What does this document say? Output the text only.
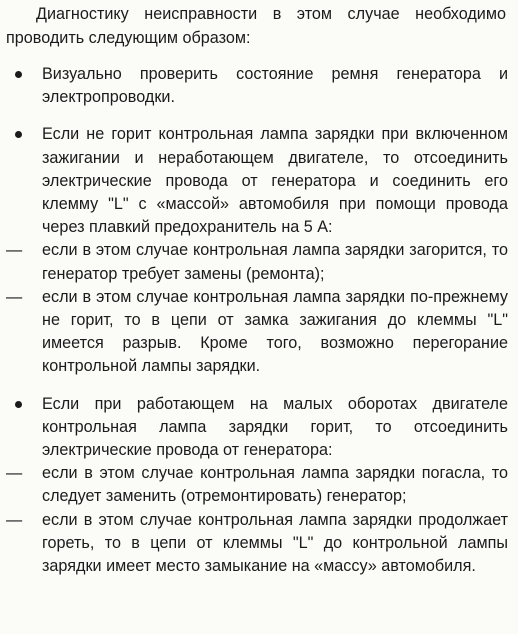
Диагностику неисправности в этом случае необходимо проводить следующим образом:

Визуально проверить состояние ремня генератора и электропроводки.
Если не горит контрольная лампа зарядки при включенном зажигании и неработающем двигателе, то отсоединить электрические провода от генератора и соединить его клемму "L" с «массой» автомобиля при помощи провода через плавкий предохранитель на 5 А:
— если в этом случае контрольная лампа зарядки загорится, то генератор требует замены (ремонта);
— если в этом случае контрольная лампа зарядки по-прежнему не горит, то в цепи от замка зажигания до клеммы "L" имеется разрыв. Кроме того, возможно перегорание контрольной лампы зарядки.
Если при работающем на малых оборотах двигателе контрольная лампа зарядки горит, то отсоединить электрические провода от генератора:
— если в этом случае контрольная лампа зарядки погасла, то следует заменить (отремонтировать) генератор;
— если в этом случае контрольная лампа зарядки продолжает гореть, то в цепи от клеммы "L" до контрольной лампы зарядки имеет место замыкание на «массу» автомобиля.
